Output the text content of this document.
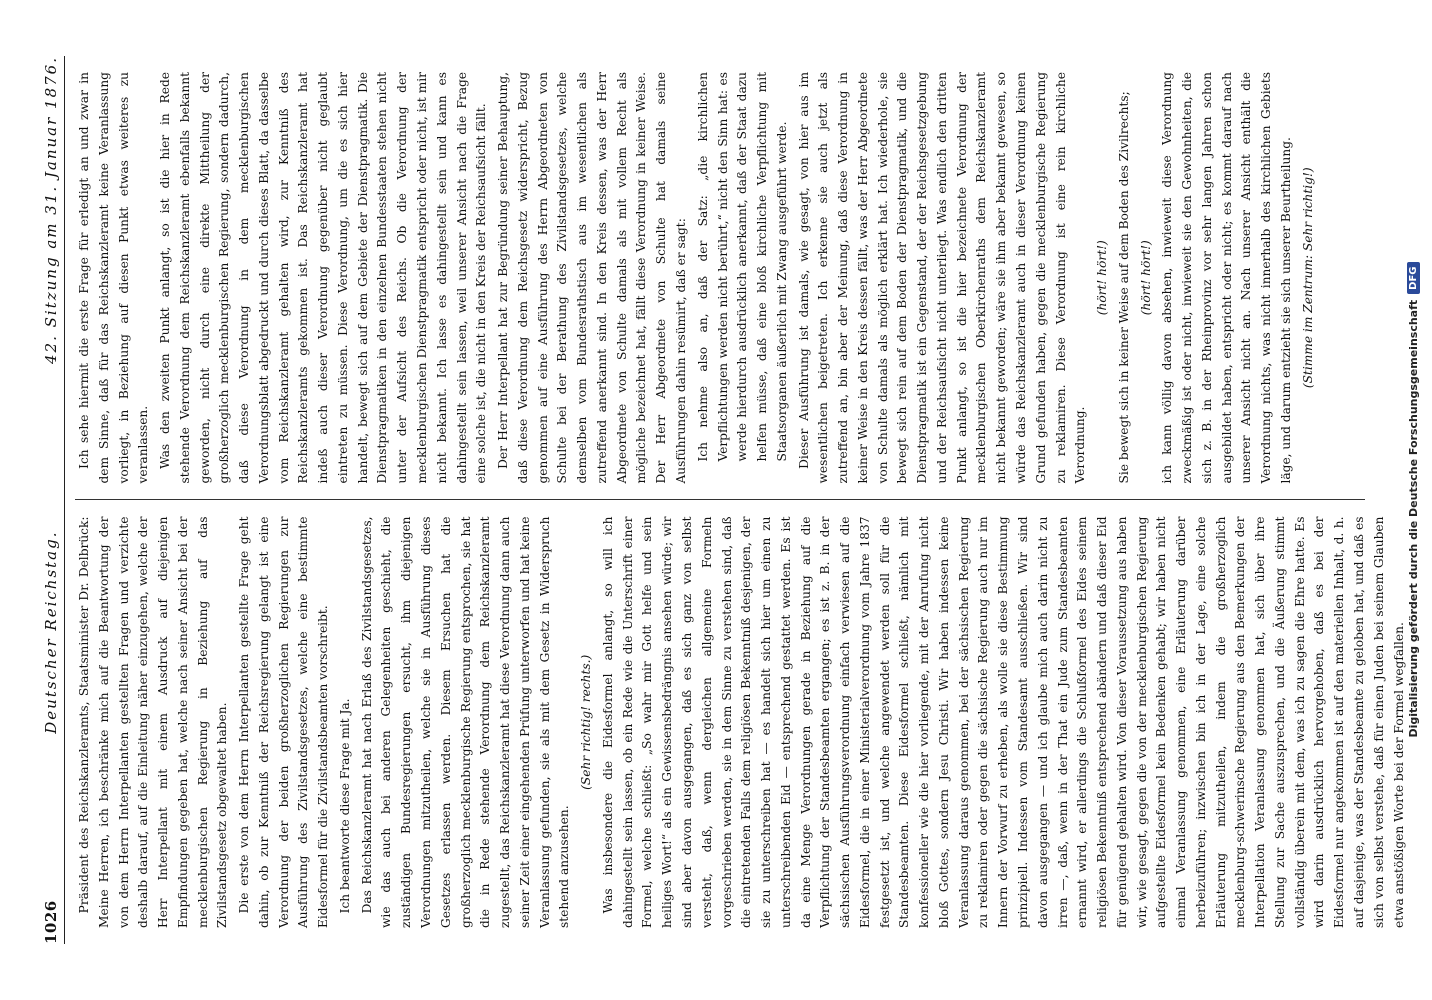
1026
Deutscher Reichstag.
42. Sitzung am 31. Januar 1876.

Präsident des Reichskanzleramts, Staatsminister Dr. Delbrück: Meine Herren, ich beschränke mich auf die Beantwortung der von dem Herrn Interpellanten gestellten Fragen und verzichte deshalb darauf, auf die Einleitung näher einzugehen, welche der Herr Interpellant mit einem Ausdruck auf diejenigen Empfindungen gegeben hat, welche nach seiner Ansicht bei der mecklenburgischen Regierung in Beziehung auf das Zivilstandsgesetz obgewaltet haben. Die erste von dem Herrn Interpellanten gestellte Frage geht dahin, ob zur Kenntniß der Reichsregierung gelangt ist eine Verordnung der beiden großherzoglichen Regierungen zur Ausführung des Zivilstandsgesetzes, welche eine bestimmte Eidesformel für die Zivilstandsbeamten vorschreibt. Ich beantworte diese Frage mit Ja. Das Reichskanzleramt hat nach Erlaß des Zivilstandsgesetzes, wie das auch bei anderen Gelegenheiten geschieht, die zuständigen Bundesregierungen ersucht, ihm diejenigen Verordnungen mitzutheilen, welche sie in Ausführung dieses Gesetzes erlassen werden. Diesem Ersuchen hat die großherzoglich mecklenburgische Regierung entsprochen, sie hat die in Rede stehende Verordnung dem Reichskanzleramt zugestellt, das Reichskanzleramt hat diese Verordnung dann auch seiner Zeit einer eingehenden Prüfung unterworfen und hat keine Veranlassung gefunden, sie als mit dem Gesetz in Widerspruch stehend anzusehen.

(Sehr richtig! rechts.) Was insbesondere die Eidesformel anlangt, so will ich dahingestellt sein lassen, ob ein Rede wie die Unterschrift einer Formel, welche schließt: „So wahr mir Gott helfe und sein heiliges Wort!“ als ein Gewissensbedrängnis ansehen würde; wir sind aber davon ausgegangen, daß es sich ganz von selbst versteht, daß, wenn dergleichen allgemeine Formeln vorgeschrieben werden, sie in dem Sinne zu verstehen sind, daß die eintretenden Falls dem religiösen Bekenntniß desjenigen, der sie zu unterschreiben hat — es handelt sich hier um einen zu unterschreibenden Eid — entsprechend gestattet werden. Es ist da eine Menge Verordnungen gerade in Beziehung auf die Verpflichtung der Standesbeamten ergangen; es ist z. B. in der sächsischen Ausführungsverordnung einfach verwiesen auf die Eidesformel, die in einer Ministerialverordnung vom Jahre 1837 festgesetzt ist, und welche angewendet werden soll für die Standesbeamten. Diese Eidesformel schließt, nämlich mit konfessioneller wie die hier vorliegende, mit der Anrufung nicht bloß Gottes, sondern Jesu Christi. Wir haben indessen keine Veranlassung daraus genommen, bei der sächsischen Regierung zu reklamiren oder gegen die sächsische Regierung auch nur im Innern der Vorwurf zu erheben, als wolle sie diese Bestimmung prinzipiell. Indessen vom Standesamt ausschließen. Wir sind davon ausgegangen — und ich glaube mich auch darin nicht zu irren —, daß, wenn in der That ein Jude zum Standesbeamten ernannt wird, er allerdings die Schlußformel des Eides seinem religiösen Bekenntniß entsprechend abändern und daß dieser Eid für genügend gehalten wird. Von dieser Voraussetzung aus haben wir, wie gesagt, gegen die von der mecklenburgischen Regierung aufgestellte Eidesformel kein Bedenken gehabt; wir haben nicht einmal Veranlassung genommen, eine Erläuterung darüber herbeizuführen; inzwischen bin ich in der Lage, eine solche Erläuterung mitzutheilen, indem die großherzoglich mecklenburg-schwerinsche Regierung aus den Bemerkungen der Interpellation Veranlassung genommen hat, sich über ihre Stellung zur Sache auszusprechen, und die Äußerung stimmt vollständig überein mit dem, was ich zu sagen die Ehre hatte. Es wird darin ausdrücklich hervorgehoben, daß es bei der Eidesformel nur angekommen ist auf den materiellen Inhalt, d. h. auf dasjenige, was der Standesbeamte zu geloben hat, und daß es sich von selbst verstehe, daß für einen Juden bei seinem Glauben etwa anstößigen Worte bei der Formel wegfallen.

Ich sehe hiermit die erste Frage für erledigt an und zwar in dem Sinne, daß für das Reichskanzleramt keine Veranlassung vorliegt, in Beziehung auf diesen Punkt etwas weiteres zu veranlassen. Was den zweiten Punkt anlangt, so ist die hier in Rede stehende Verordnung dem Reichskanzleramt ebenfalls bekannt geworden, nicht durch eine direkte Mittheilung der großherzoglich mecklenburgischen Regierung, sondern dadurch, daß diese Verordnung in dem mecklenburgischen Verordnungsblatt abgedruckt und durch dieses Blatt, da dasselbe vom Reichskanzleramt gehalten wird, zur Kenntniß des Reichskanzleramts gekommen ist. Das Reichskanzleramt hat indeß auch dieser Verordnung gegenüber nicht geglaubt eintreten zu müssen. Diese Verordnung, um die es sich hier handelt, bewegt sich auf dem Gebiete der Dienstpragmatik. Die Dienstpragmatiken in den einzelnen Bundesstaaten stehen nicht unter der Aufsicht des Reichs. Ob die Verordnung der mecklenburgischen Dienstpragmatik entspricht oder nicht, ist mir nicht bekannt. Ich lasse es dahingestellt sein und kann es dahingestellt sein lassen, weil unserer Ansicht nach die Frage eine solche ist, die nicht in den Kreis der Reichsaufsicht fällt. Der Herr Interpellant hat zur Begründung seiner Behauptung, daß diese Verordnung dem Reichsgesetz widerspricht, Bezug genommen auf eine Ausführung des Herrn Abgeordneten von Schulte bei der Berathung des Zivilstandsgesetzes, welche demselben vom Bundesrathstisch aus im wesentlichen als zutreffend anerkannt sind. In den Kreis dessen, was der Herr Abgeordnete von Schulte damals als mit vollem Recht als mögliche bezeichnet hat, fällt diese Verordnung in keiner Weise. Der Herr Abgeordnete von Schulte hat damals seine Ausführungen dahin resümirt, daß er sagt: Ich nehme also an, daß der Satz: „die kirchlichen Verpflichtungen werden nicht berührt,“ nicht den Sinn hat: es werde hierdurch ausdrücklich anerkannt, daß der Staat dazu helfen müsse, daß eine bloß kirchliche Verpflichtung mit Staatsorganen äußerlich mit Zwang ausgeführt werde. Dieser Ausführung ist damals, wie gesagt, von hier aus im wesentlichen beigetreten. Ich erkenne sie auch jetzt als zutreffend an, bin aber der Meinung, daß diese Verordnung in keiner Weise in den Kreis dessen fällt, was der Herr Abgeordnete von Schulte damals als möglich erklärt hat. Ich wiederhole, sie bewegt sich rein auf dem Boden der Dienstpragmatik, und die Dienstpragmatik ist ein Gegenstand, der der Reichsgesetzgebung und der Reichsaufsicht nicht unterliegt. Was endlich den dritten Punkt anlangt, so ist die hier bezeichnete Verordnung der mecklenburgischen Oberkirchenraths dem Reichskanzleramt nicht bekannt geworden; wäre sie ihm aber bekannt gewesen, so würde das Reichskanzleramt auch in dieser Verordnung keinen Grund gefunden haben, gegen die mecklenburgische Regierung zu reklamiren. Diese Verordnung ist eine rein kirchliche Verordnung.

(hört! hört!) Sie bewegt sich in keiner Weise auf dem Boden des Zivilrechts; (hört! hört!) ich kann völlig davon absehen, inwieweit diese Verordnung zweckmäßig ist oder nicht, inwieweit sie den Gewohnheiten, die sich z. B. in der Rheinprovinz vor sehr langen Jahren schon ausgebildet haben, entspricht oder nicht; es kommt darauf nach unserer Ansicht nicht an. Nach unserer Ansicht enthält die Verordnung nichts, was nicht innerhalb des kirchlichen Gebiets läge, und darum entzieht sie sich unserer Beurtheilung. (Stimme im Zentrum: Sehr richtig!)

Digitalisierung gefördert durch die Deutsche Forschungsgemeinschaft
DFG
